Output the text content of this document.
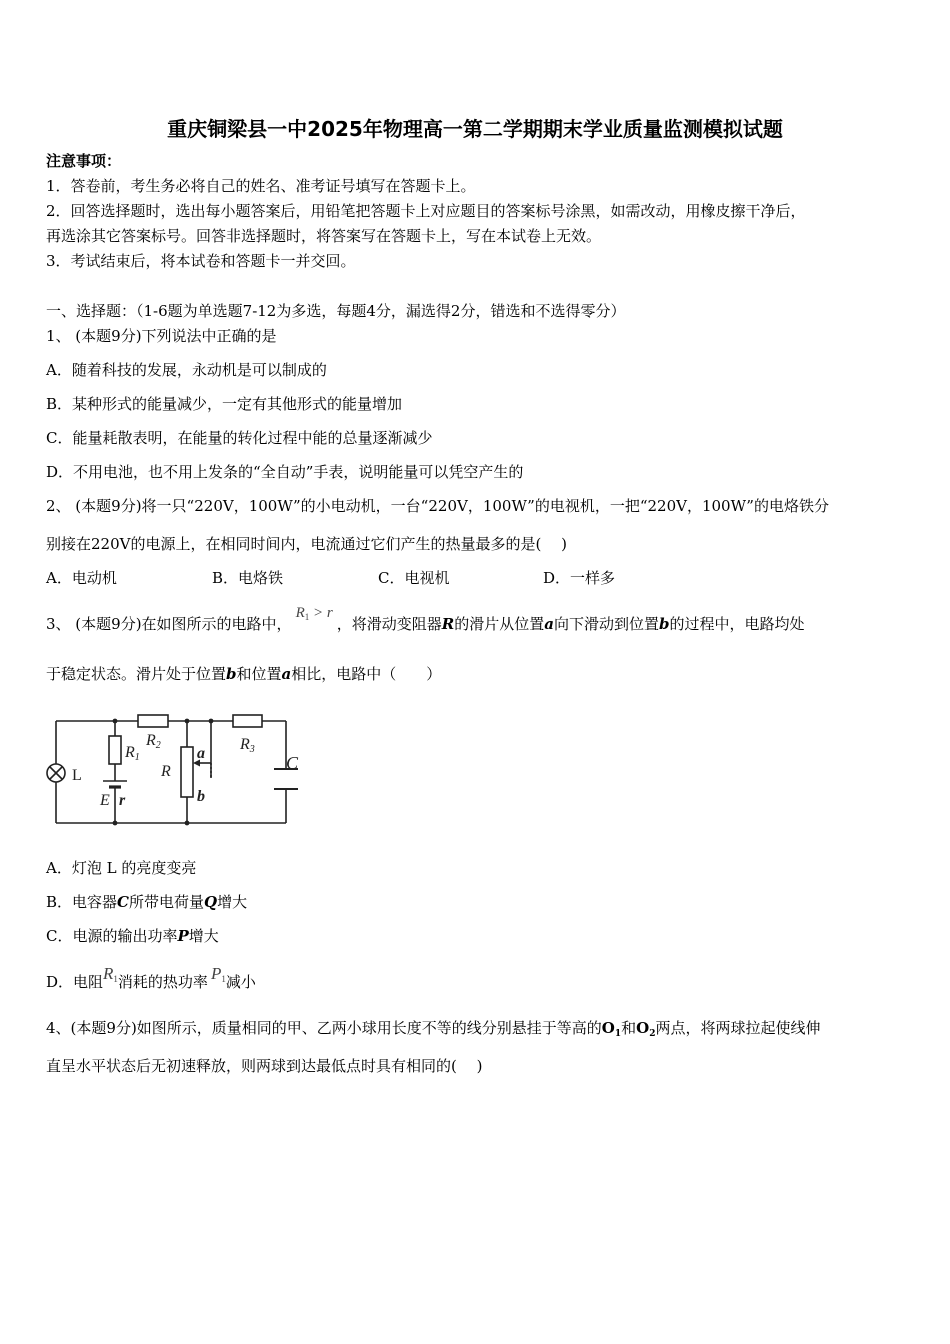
重庆铜梁县一中2025年物理高一第二学期期末学业质量监测模拟试题
注意事项：
1．答卷前，考生务必将自己的姓名、准考证号填写在答题卡上。
2．回答选择题时，选出每小题答案后，用铅笔把答题卡上对应题目的答案标号涂黑，如需改动，用橡皮擦干净后，
再选涂其它答案标号。回答非选择题时，将答案写在答题卡上，写在本试卷上无效。
3．考试结束后，将本试卷和答题卡一并交回。
一、选择题：（1-6题为单选题7-12为多选，每题4分，漏选得2分，错选和不选得零分）
1、 (本题9分)下列说法中正确的是
A．随着科技的发展，永动机是可以制成的
B．某种形式的能量减少，一定有其他形式的能量增加
C．能量耗散表明，在能量的转化过程中能的总量逐渐减少
D．不用电池，也不用上发条的“全自动”手表，说明能量可以凭空产生的
2、 (本题9分)将一只“220V，100W”的小电动机，一台“220V，100W”的电视机，一把“220V，100W”的电烙铁分
别接在220V的电源上，在相同时间内，电流通过它们产生的热量最多的是(　 )
A．电动机	B．电烙铁	C．电视机	D．一样多
3、 (本题9分)在如图所示的电路中，$R_1 > r$，将滑动变阻器R的滑片从位置a向下滑动到位置b的过程中，电路均处
于稳定状态。滑片处于位置b和位置a相比，电路中（　　）
L
R1
R2	R3
R
a
b
C
E r
A．灯泡 L 的亮度变亮
B．电容器C所带电荷量Q增大
C．电源的输出功率P增大
D．电阻$R_1$消耗的热功率 $P_1$减小
4、(本题9分)如图所示，质量相同的甲、乙两小球用长度不等的线分别悬挂于等高的$O_1$和$O_2$两点，将两球拉起使线伸
直呈水平状态后无初速释放，则两球到达最低点时具有相同的(　 )
